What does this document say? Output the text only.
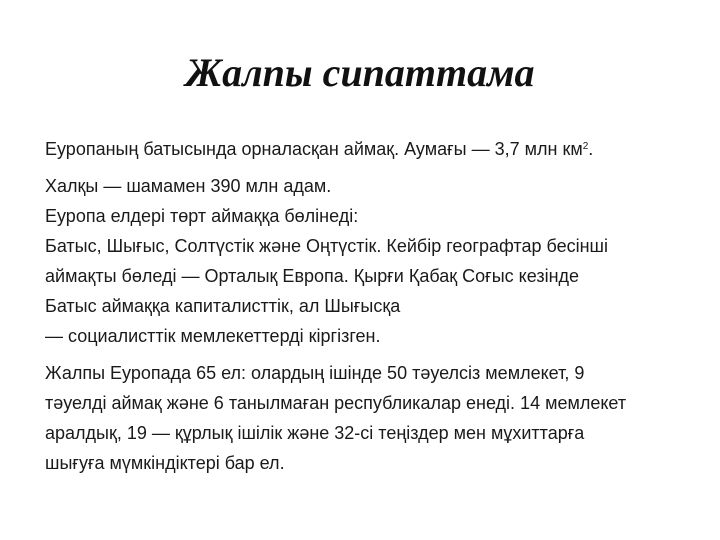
Жалпы сипаттама

Еуропаның батысында орналасқан аймақ. Аумағы — 3,7 млн $км^2$.

Халқы — шамамен 390 млн адам.
Еуропа елдері төрт аймаққа бөлінеді:
Батыс, Шығыс, Солтүстік және Оңтүстік. Кейбір географтар бесінші
аймақты бөледі — Орталық Европа. Қырғи Қабақ Соғыс кезінде
Батыс аймаққа капиталисттік, ал Шығысқа
— социалисттік мемлекеттерді кіргізген.

Жалпы Еуропада 65 ел: олардың ішінде 50 тәуелсіз мемлекет, 9
тәуелді аймақ және 6 танылмаған республикалар енеді. 14 мемлекет
аралдық, 19 — құрлық ішілік және 32-сі теңіздер мен мұхиттарға
шығуға мүмкіндіктері бар ел.
